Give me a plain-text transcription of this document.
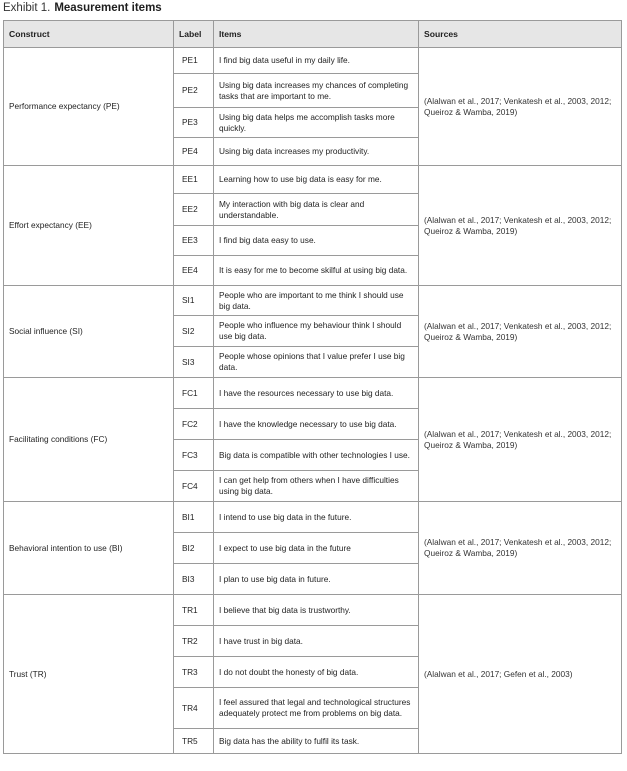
Exhibit 1. Measurement items
Construct	Label	Items	Sources
Performance expectancy (PE)	PE1	I find big data useful in my daily life.	(Alalwan et al., 2017; Venkatesh et al., 2003, 2012; Queiroz & Wamba, 2019)
	PE2	Using big data increases my chances of completing tasks that are important to me.	
	PE3	Using big data helps me accomplish tasks more quickly.	
	PE4	Using big data increases my productivity.	
Effort expectancy (EE)	EE1	Learning how to use big data is easy for me.	(Alalwan et al., 2017; Venkatesh et al., 2003, 2012; Queiroz & Wamba, 2019)
	EE2	My interaction with big data is clear and understandable.	
	EE3	I find big data easy to use.	
	EE4	It is easy for me to become skilful at using big data.	
Social influence (SI)	SI1	People who are important to me think I should use big data.	(Alalwan et al., 2017; Venkatesh et al., 2003, 2012; Queiroz & Wamba, 2019)
	SI2	People who influence my behaviour think I should use big data.	
	SI3	People whose opinions that I value prefer I use big data.	
Facilitating conditions (FC)	FC1	I have the resources necessary to use big data.	(Alalwan et al., 2017; Venkatesh et al., 2003, 2012; Queiroz & Wamba, 2019)
	FC2	I have the knowledge necessary to use big data.	
	FC3	Big data is compatible with other technologies I use.	
	FC4	I can get help from others when I have difficulties using big data.	
Behavioral intention to use (BI)	BI1	I intend to use big data in the future.	(Alalwan et al., 2017; Venkatesh et al., 2003, 2012; Queiroz & Wamba, 2019)
	BI2	I expect to use big data in the future	
	BI3	I plan to use big data in future.	
Trust (TR)	TR1	I believe that big data is trustworthy.	(Alalwan et al., 2017; Gefen et al., 2003)
	TR2	I have trust in big data.	
	TR3	I do not doubt the honesty of big data.	
	TR4	I feel assured that legal and technological structures adequately protect me from problems on big data.	
	TR5	Big data has the ability to fulfil its task.	
